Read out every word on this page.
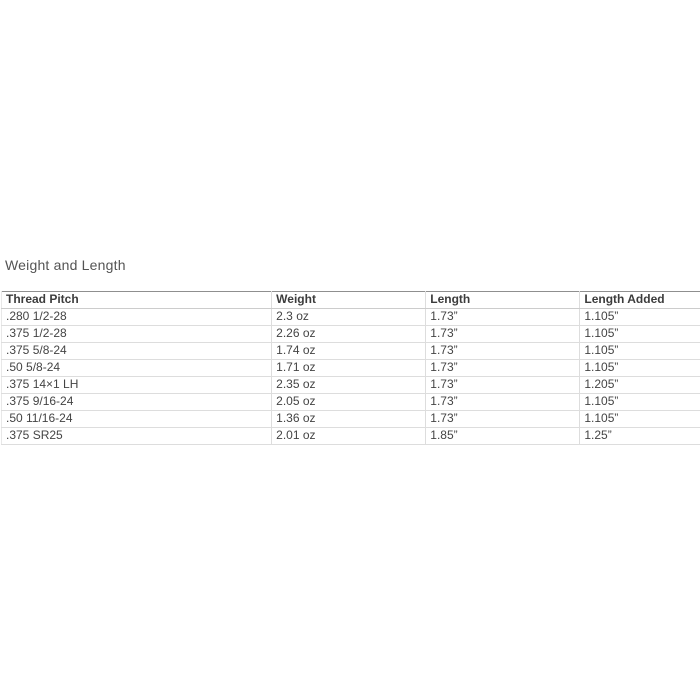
Weight and Length
Thread Pitch	Weight	Length	Length Added
.280 1/2-28	2.3 oz	1.73”	1.105”
.375 1/2-28	2.26 oz	1.73”	1.105”
.375 5/8-24	1.74 oz	1.73”	1.105”
.50 5/8-24	1.71 oz	1.73”	1.105”
.375 14×1 LH	2.35 oz	1.73”	1.205”
.375 9/16-24	2.05 oz	1.73”	1.105”
.50 11/16-24	1.36 oz	1.73”	1.105”
.375 SR25	2.01 oz	1.85”	1.25”
